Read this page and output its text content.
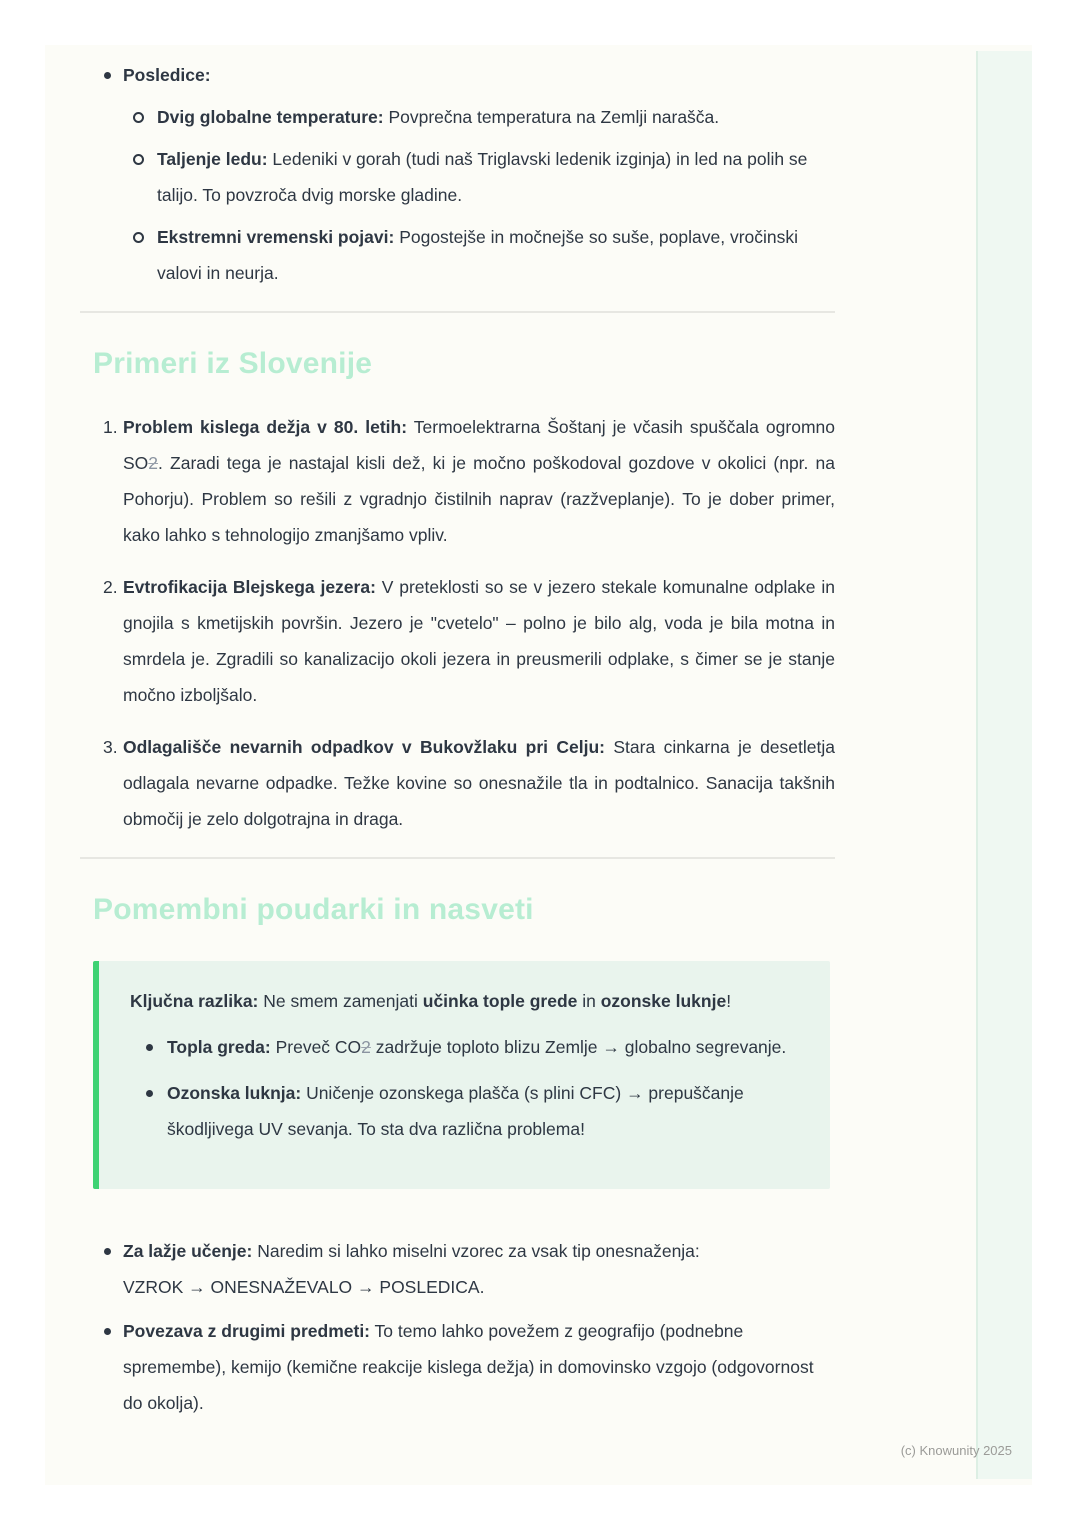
Posledice:
Dvig globalne temperature: Povprečna temperatura na Zemlji narašča.
Taljenje ledu: Ledeniki v gorah (tudi naš Triglavski ledenik izginja) in led na polih se talijo. To povzroča dvig morske gladine.
Ekstremni vremenski pojavi: Pogostejše in močnejše so suše, poplave, vročinski valovi in neurja.
Primeri iz Slovenije
1. Problem kislega dežja v 80. letih: Termoelektrarna Šoštanj je včasih spuščala ogromno SO2. Zaradi tega je nastajal kisli dež, ki je močno poškodoval gozdove v okolici (npr. na Pohorju). Problem so rešili z vgradnjo čistilnih naprav (razžveplanje). To je dober primer, kako lahko s tehnologijo zmanjšamo vpliv.
2. Evtrofikacija Blejskega jezera: V preteklosti so se v jezero stekale komunalne odplake in gnojila s kmetijskih površin. Jezero je "cvetelo" – polno je bilo alg, voda je bila motna in smrdela je. Zgradili so kanalizacijo okoli jezera in preusmerili odplake, s čimer se je stanje močno izboljšalo.
3. Odlagališče nevarnih odpadkov v Bukovžlaku pri Celju: Stara cinkarna je desetletja odlagala nevarne odpadke. Težke kovine so onesnažile tla in podtalnico. Sanacija takšnih območij je zelo dolgotrajna in draga.
Pomembni poudarki in nasveti
Ključna razlika: Ne smem zamenjati učinka tople grede in ozonske luknje!
Topla greda: Preveč CO2 zadržuje toploto blizu Zemlje → globalno segrevanje.
Ozonska luknja: Uničenje ozonskega plašča (s plini CFC) → prepuščanje škodljivega UV sevanja. To sta dva različna problema!
Za lažje učenje: Naredim si lahko miselni vzorec za vsak tip onesnaženja:
VZROK → ONESNAŽEVALO → POSLEDICA.
Povezava z drugimi predmeti: To temo lahko povežem z geografijo (podnebne spremembe), kemijo (kemične reakcije kislega dežja) in domovinsko vzgojo (odgovornost do okolja).
(c) Knowunity 2025
